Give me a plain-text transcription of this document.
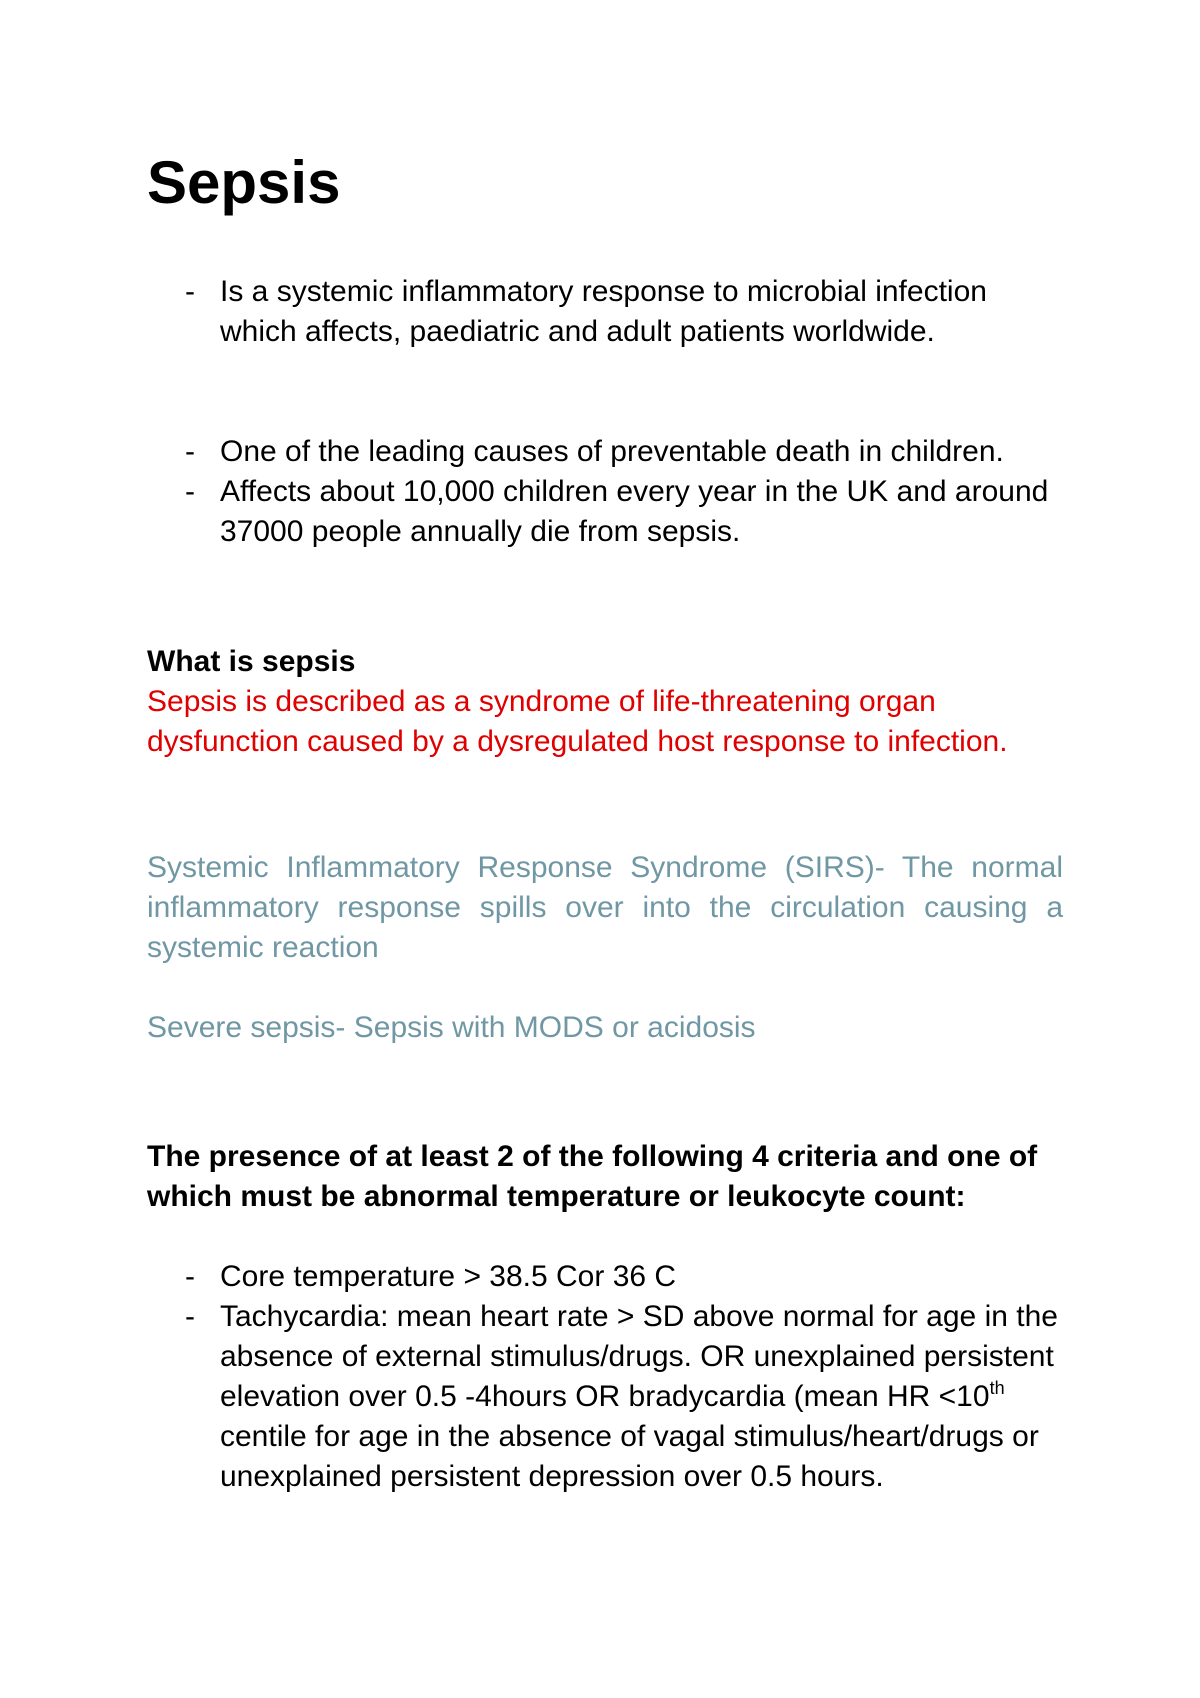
Sepsis
- Is a systemic inflammatory response to microbial infection which affects, paediatric and adult patients worldwide.
- One of the leading causes of preventable death in children.
- Affects about 10,000 children every year in the UK and around 37000 people annually die from sepsis.
What is sepsis
Sepsis is described as a syndrome of life-threatening organ dysfunction caused by a dysregulated host response to infection.

Systemic Inflammatory Response Syndrome (SIRS)- The normal inflammatory response spills over into the circulation causing a systemic reaction

Severe sepsis- Sepsis with MODS or acidosis

The presence of at least 2 of the following 4 criteria and one of which must be abnormal temperature or leukocyte count:

- Core temperature > 38.5 Cor 36 C
- Tachycardia: mean heart rate > SD above normal for age in the absence of external stimulus/drugs. OR unexplained persistent elevation over 0.5 -4hours OR bradycardia (mean HR <10th centile for age in the absence of vagal stimulus/heart/drugs or unexplained persistent depression over 0.5 hours.
